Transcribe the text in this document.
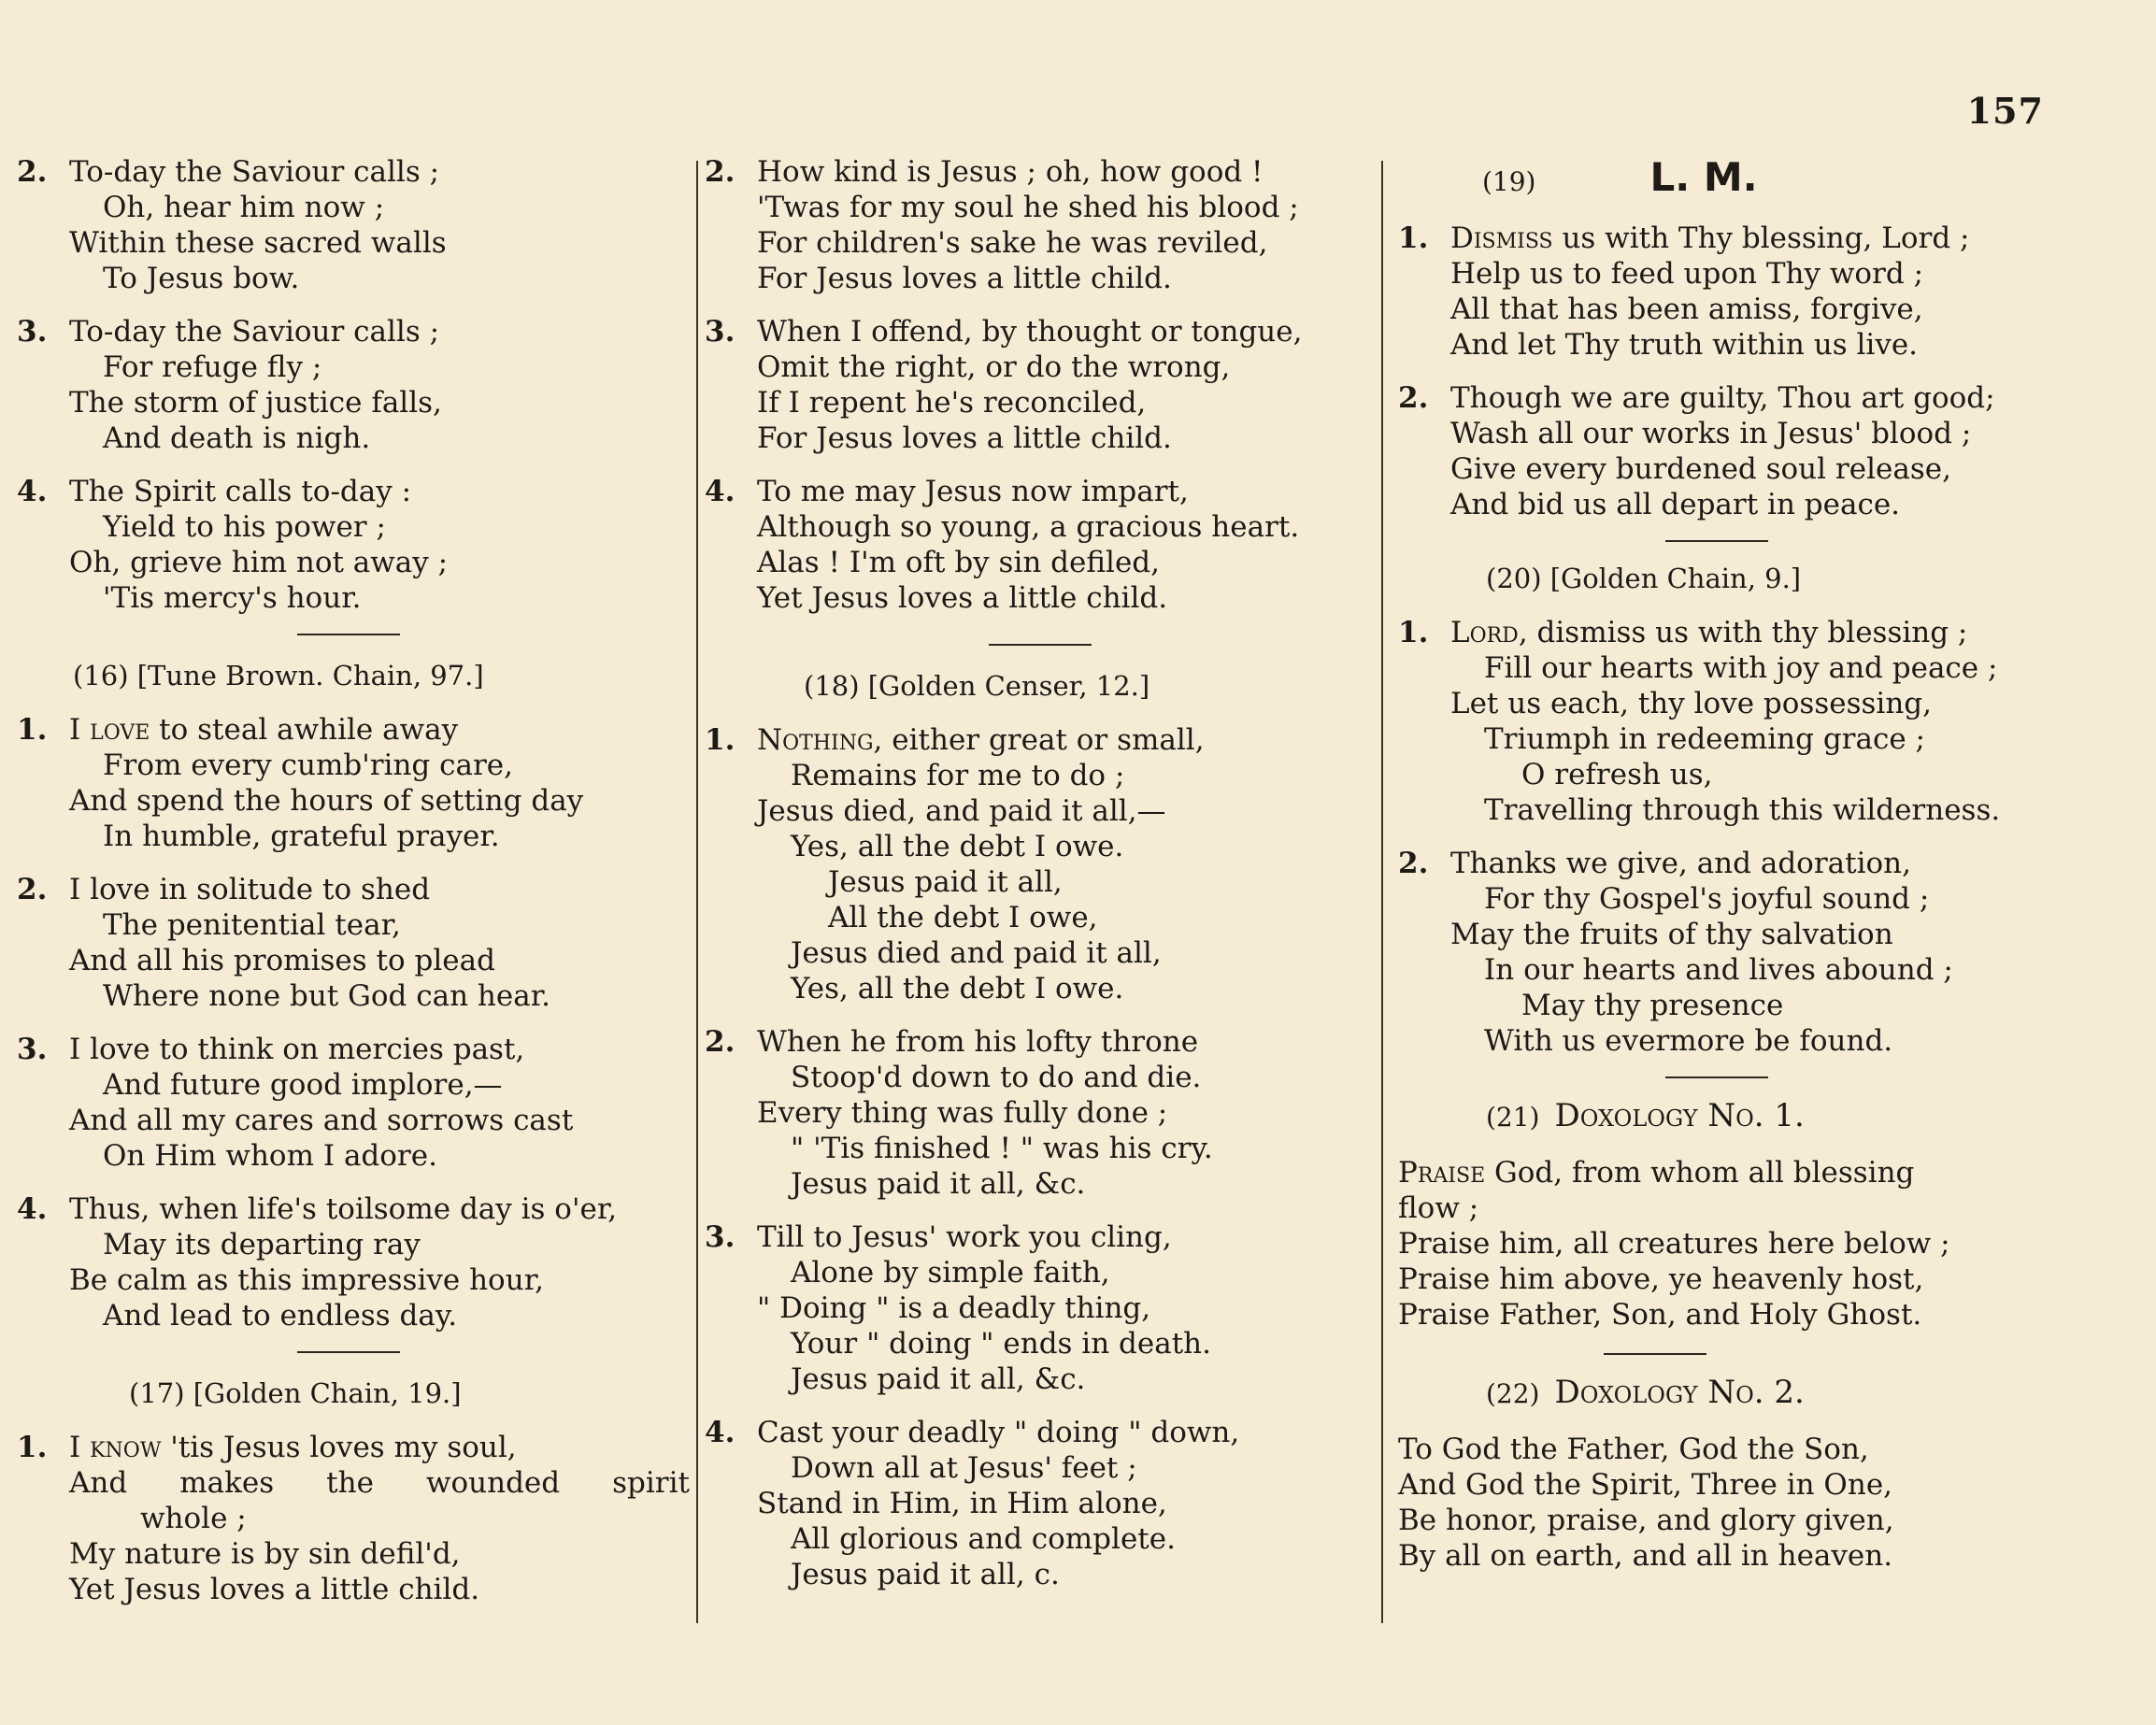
157
2. To-day the Saviour calls ;
Oh, hear him now ;
Within these sacred walls
To Jesus bow.
3. To-day the Saviour calls ;
For refuge fly ;
The storm of justice falls,
And death is nigh.
4. The Spirit calls to-day :
Yield to his power ;
Oh, grieve him not away ;
'Tis mercy's hour.
(16) [Tune Brown. Chain, 97.]
1. I love to steal awhile away
From every cumb'ring care,
And spend the hours of setting day
In humble, grateful prayer.
2. I love in solitude to shed
The penitential tear,
And all his promises to plead
Where none but God can hear.
3. I love to think on mercies past,
And future good implore,—
And all my cares and sorrows cast
On Him whom I adore.
4. Thus, when life's toilsome day is o'er,
May its departing ray
Be calm as this impressive hour,
And lead to endless day.
(17) [Golden Chain, 19.]
1. I know 'tis Jesus loves my soul,
And makes the wounded spirit
whole ;
My nature is by sin defil'd,
Yet Jesus loves a little child.
2. How kind is Jesus ; oh, how good !
'Twas for my soul he shed his blood ;
For children's sake he was reviled,
For Jesus loves a little child.
3. When I offend, by thought or tongue,
Omit the right, or do the wrong,
If I repent he's reconciled,
For Jesus loves a little child.
4. To me may Jesus now impart,
Although so young, a gracious heart.
Alas ! I'm oft by sin defiled,
Yet Jesus loves a little child.
(18) [Golden Censer, 12.]
1. Nothing, either great or small,
Remains for me to do ;
Jesus died, and paid it all,—
Yes, all the debt I owe.
Jesus paid it all,
All the debt I owe,
Jesus died and paid it all,
Yes, all the debt I owe.
2. When he from his lofty throne
Stoop'd down to do and die.
Every thing was fully done ;
" 'Tis finished ! " was his cry.
Jesus paid it all, &c.
3. Till to Jesus' work you cling,
Alone by simple faith,
" Doing " is a deadly thing,
Your " doing " ends in death.
Jesus paid it all, &c.
4. Cast your deadly " doing " down,
Down all at Jesus' feet ;
Stand in Him, in Him alone,
All glorious and complete.
Jesus paid it all, c.
(19)	L. M.
1. Dismiss us with Thy blessing, Lord ;
Help us to feed upon Thy word ;
All that has been amiss, forgive,
And let Thy truth within us live.
2. Though we are guilty, Thou art good;
Wash all our works in Jesus' blood ;
Give every burdened soul release,
And bid us all depart in peace.
(20) [Golden Chain, 9.]
1. Lord, dismiss us with thy blessing ;
Fill our hearts with joy and peace ;
Let us each, thy love possessing,
Triumph in redeeming grace ;
O refresh us,
Travelling through this wilderness.
2. Thanks we give, and adoration,
For thy Gospel's joyful sound ;
May the fruits of thy salvation
In our hearts and lives abound ;
May thy presence
With us evermore be found.
(21) Doxology No. 1.
Praise God, from whom all blessing
flow ;
Praise him, all creatures here below ;
Praise him above, ye heavenly host,
Praise Father, Son, and Holy Ghost.
(22) Doxology No. 2.
To God the Father, God the Son,
And God the Spirit, Three in One,
Be honor, praise, and glory given,
By all on earth, and all in heaven.
